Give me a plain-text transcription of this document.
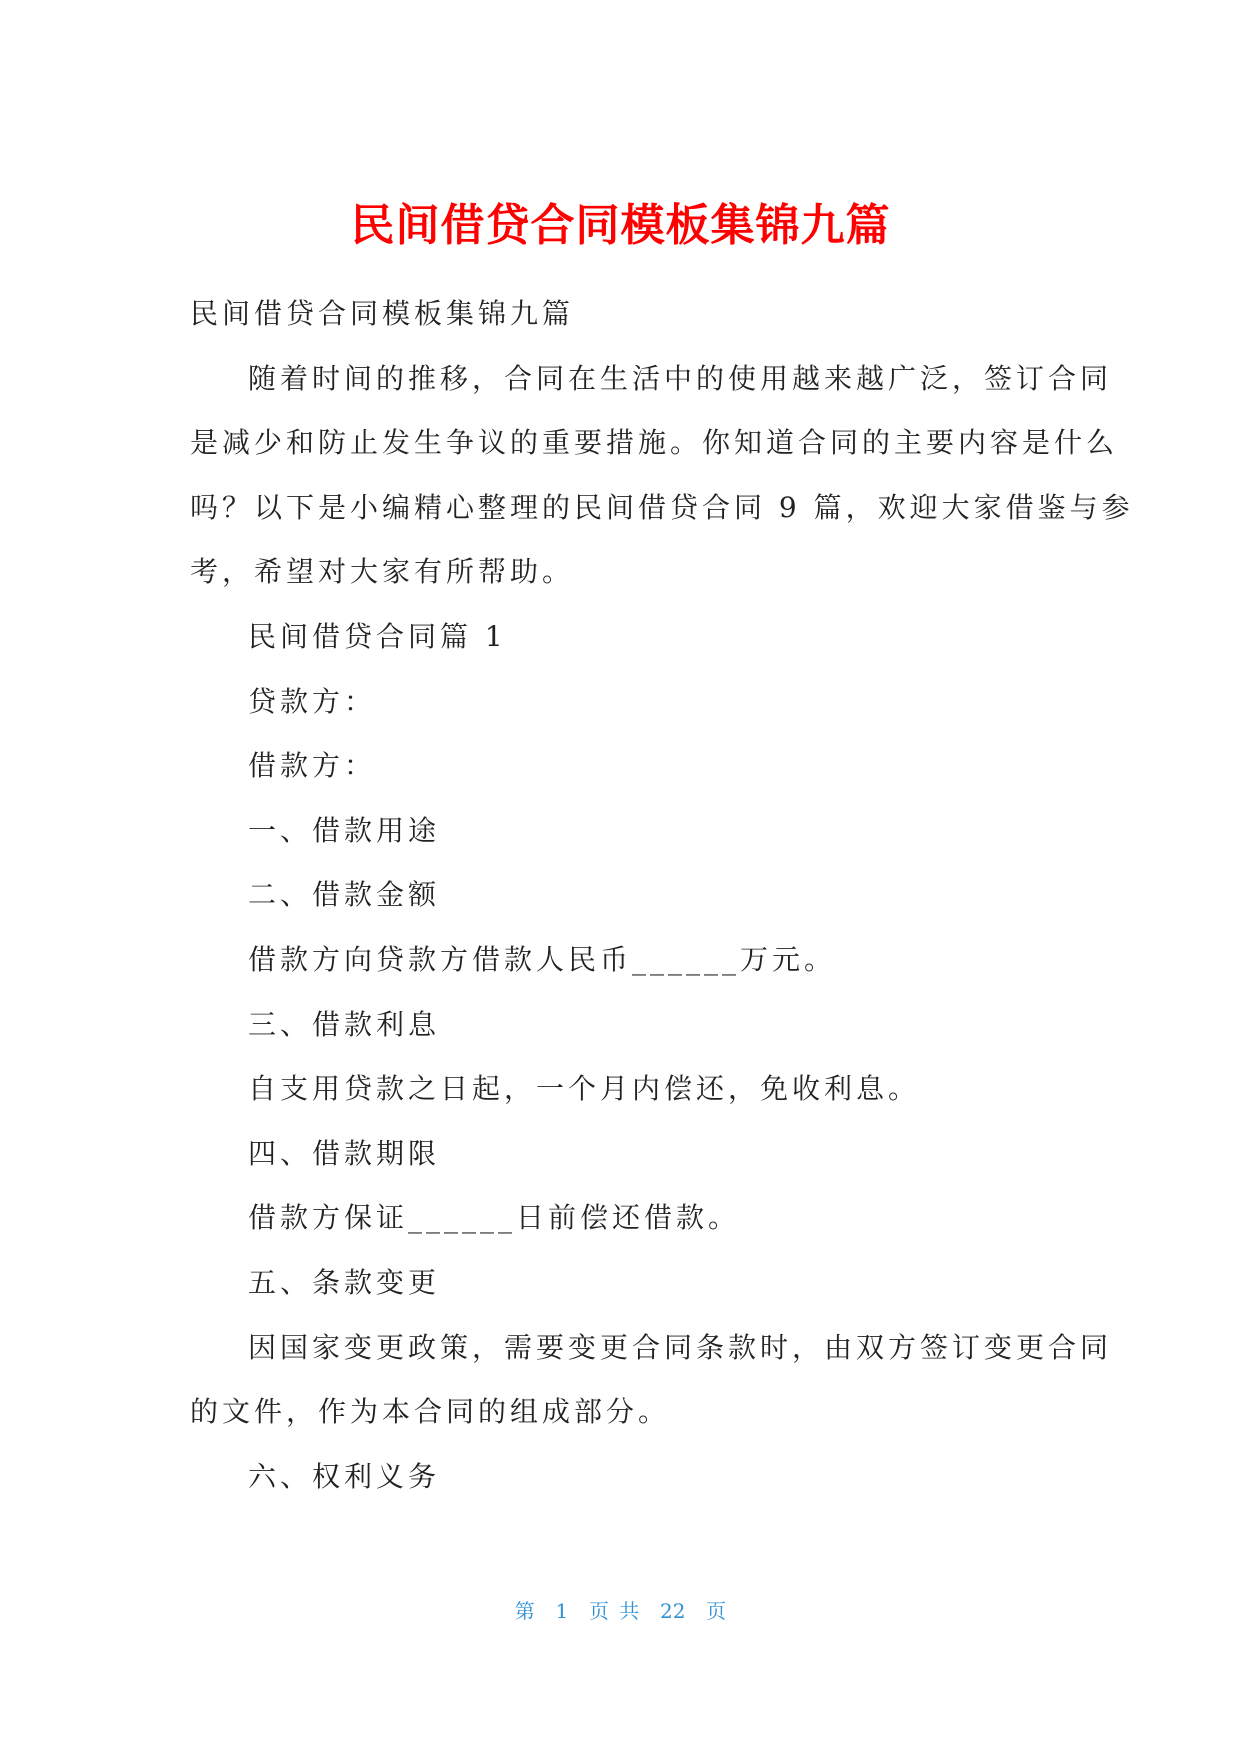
民间借贷合同模板集锦九篇
民间借贷合同模板集锦九篇
随着时间的推移，合同在生活中的使用越来越广泛，签订合同
是减少和防止发生争议的重要措施。你知道合同的主要内容是什么
吗？以下是小编精心整理的民间借贷合同 9 篇，欢迎大家借鉴与参
考，希望对大家有所帮助。
民间借贷合同篇 1
贷款方：
借款方：
一、借款用途
二、借款金额
借款方向贷款方借款人民币______万元。
三、借款利息
自支用贷款之日起，一个月内偿还，免收利息。
四、借款期限
借款方保证______日前偿还借款。
五、条款变更
因国家变更政策，需要变更合同条款时，由双方签订变更合同
的文件，作为本合同的组成部分。
六、权利义务
第  1  页 共  22  页
